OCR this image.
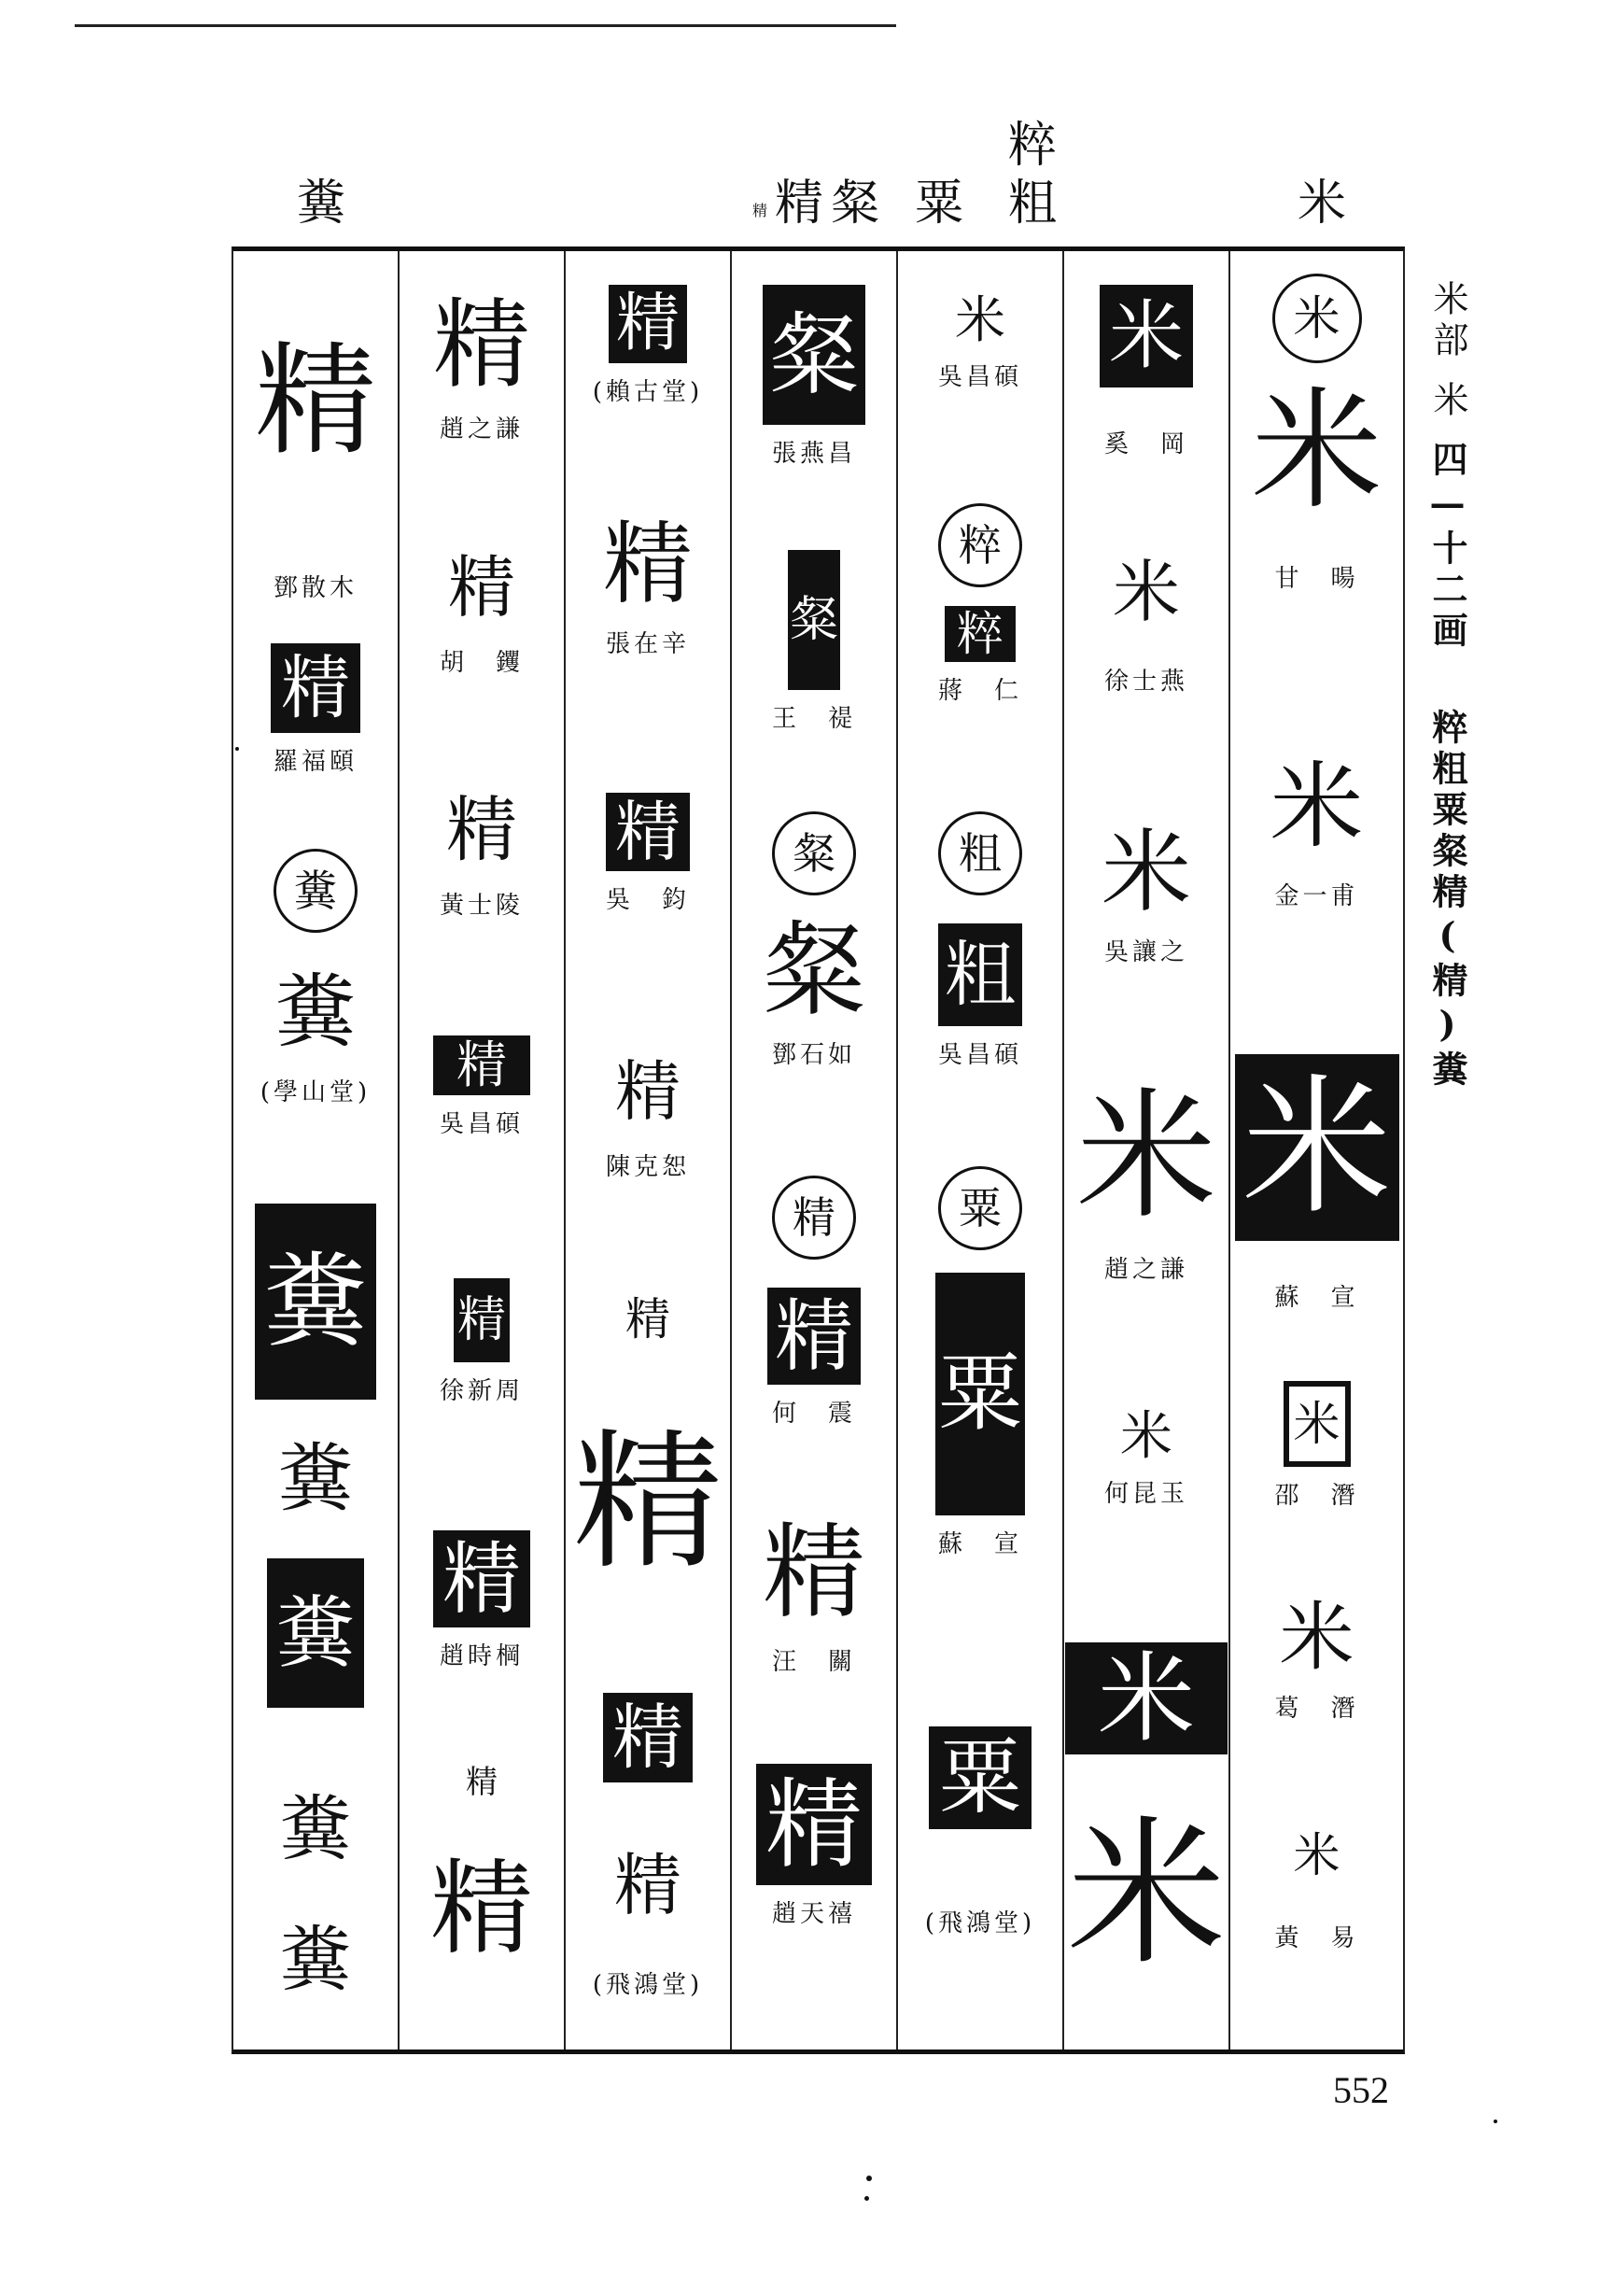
糞	精 精 粲 粟
粹
粗	米
精
鄧散木
精
羅福頤
糞
糞
(學山堂)
糞
糞
糞
糞
糞
精
趙之謙
精
胡　钁
精
黃士陵
精
吳昌碩
精
徐新周
精
趙時棡
精
精
精
(賴古堂)
精
張在辛
精
吳　鈞
精
陳克恕
精
精
精
精
(飛鴻堂)
粲
張燕昌
粲
王　禔
粲
粲
鄧石如
精
精
何　震
精
汪　關
精
趙天禧
米
吳昌碩
粹
粹
蔣　仁
粗
粗
吳昌碩
粟
粟
蘇　宣
粟
(飛鴻堂)
米
奚　岡
米
徐士燕
米
吳讓之
米
趙之謙
米
何昆玉
米
米
米
米
甘　暘
米
金一甫
米
蘇　宣
米
邵　潛
米
葛　潛
米
黃　易
米部
米
四—十二画
粹粗粟粲精(精)糞
552
